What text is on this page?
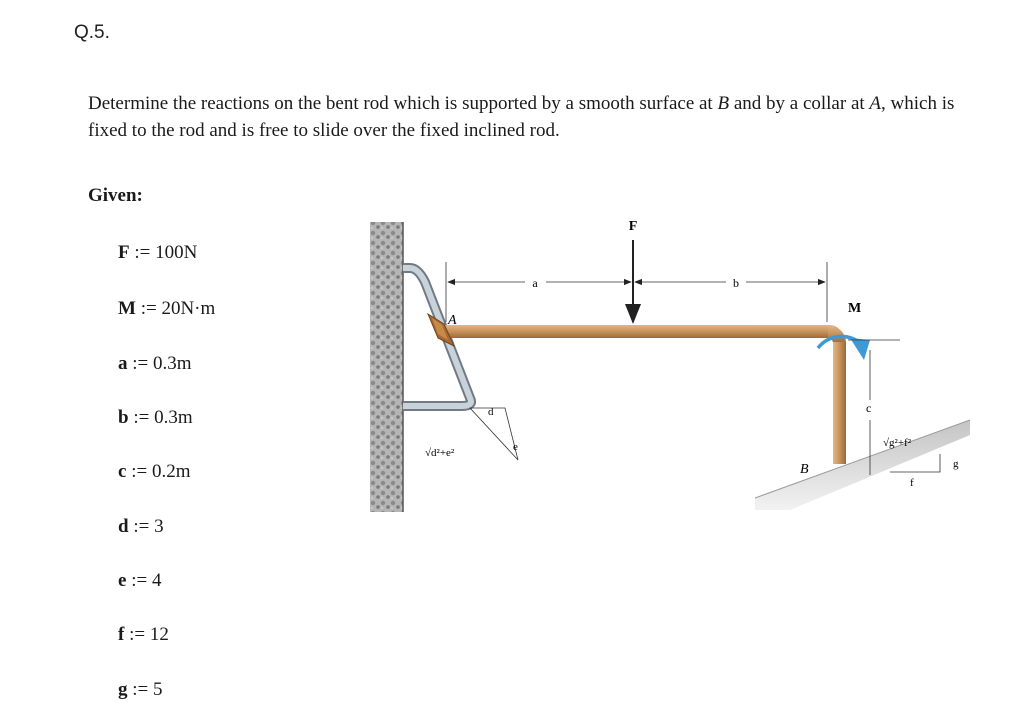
Q.5.
Determine the reactions on the bent rod which is supported by a smooth surface at B and by a collar at A, which is fixed to the rod and is free to slide over the fixed inclined rod.
Given:
F := 100N
M := 20N·m
a := 0.3m
b := 0.3m
c := 0.2m
d := 3
e := 4
f := 12
g := 5
a	b
F
M
A
B
c
g
f
√g²+f²
d
e
√d²+e²
